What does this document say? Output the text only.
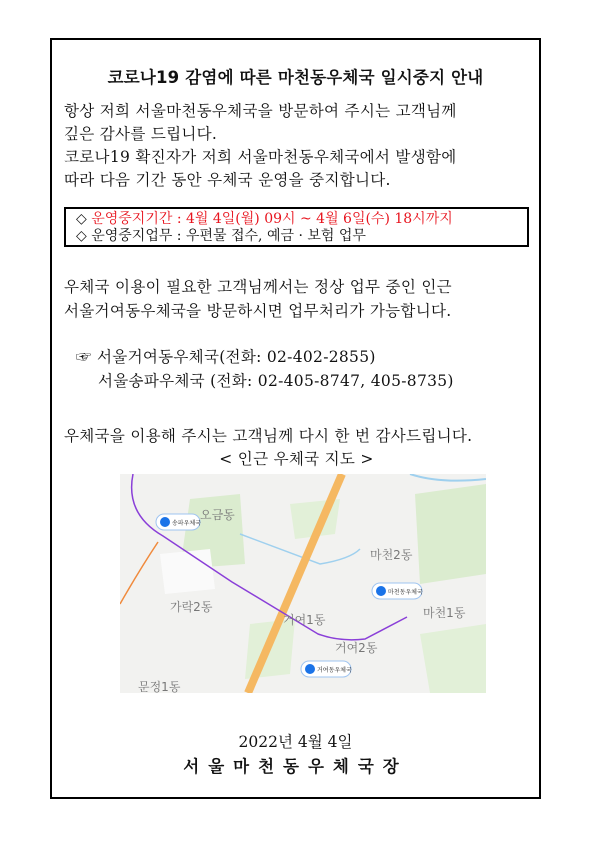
코로나19 감염에 따른 마천동우체국 일시중지 안내
항상 저희 서울마천동우체국을 방문하여 주시는 고객님께
깊은 감사를 드립니다.
코로나19 확진자가 저희 서울마천동우체국에서 발생함에
따라 다음 기간 동안 우체국 운영을 중지합니다.
◇ 운영중지기간 : 4월 4일(월) 09시 ~ 4월 6일(수) 18시까지
◇ 운영중지업무 : 우편물 접수, 예금 · 보험 업무
우체국 이용이 필요한 고객님께서는 정상 업무 중인 인근
서울거여동우체국을 방문하시면 업무처리가 가능합니다.
☞ 서울거여동우체국(전화: 02-402-2855)
서울송파우체국 (전화: 02-405-8747, 405-8735)
우체국을 이용해 주시는 고객님께 다시 한 번 감사드립니다.
< 인근 우체국 지도 >
오금동
마천2동
가락2동
거여1동
거여2동
마천1동
문정1동
송파우체국
마천동우체국
거여동우체국
2022년 4월 4일
서울마천동우체국장
